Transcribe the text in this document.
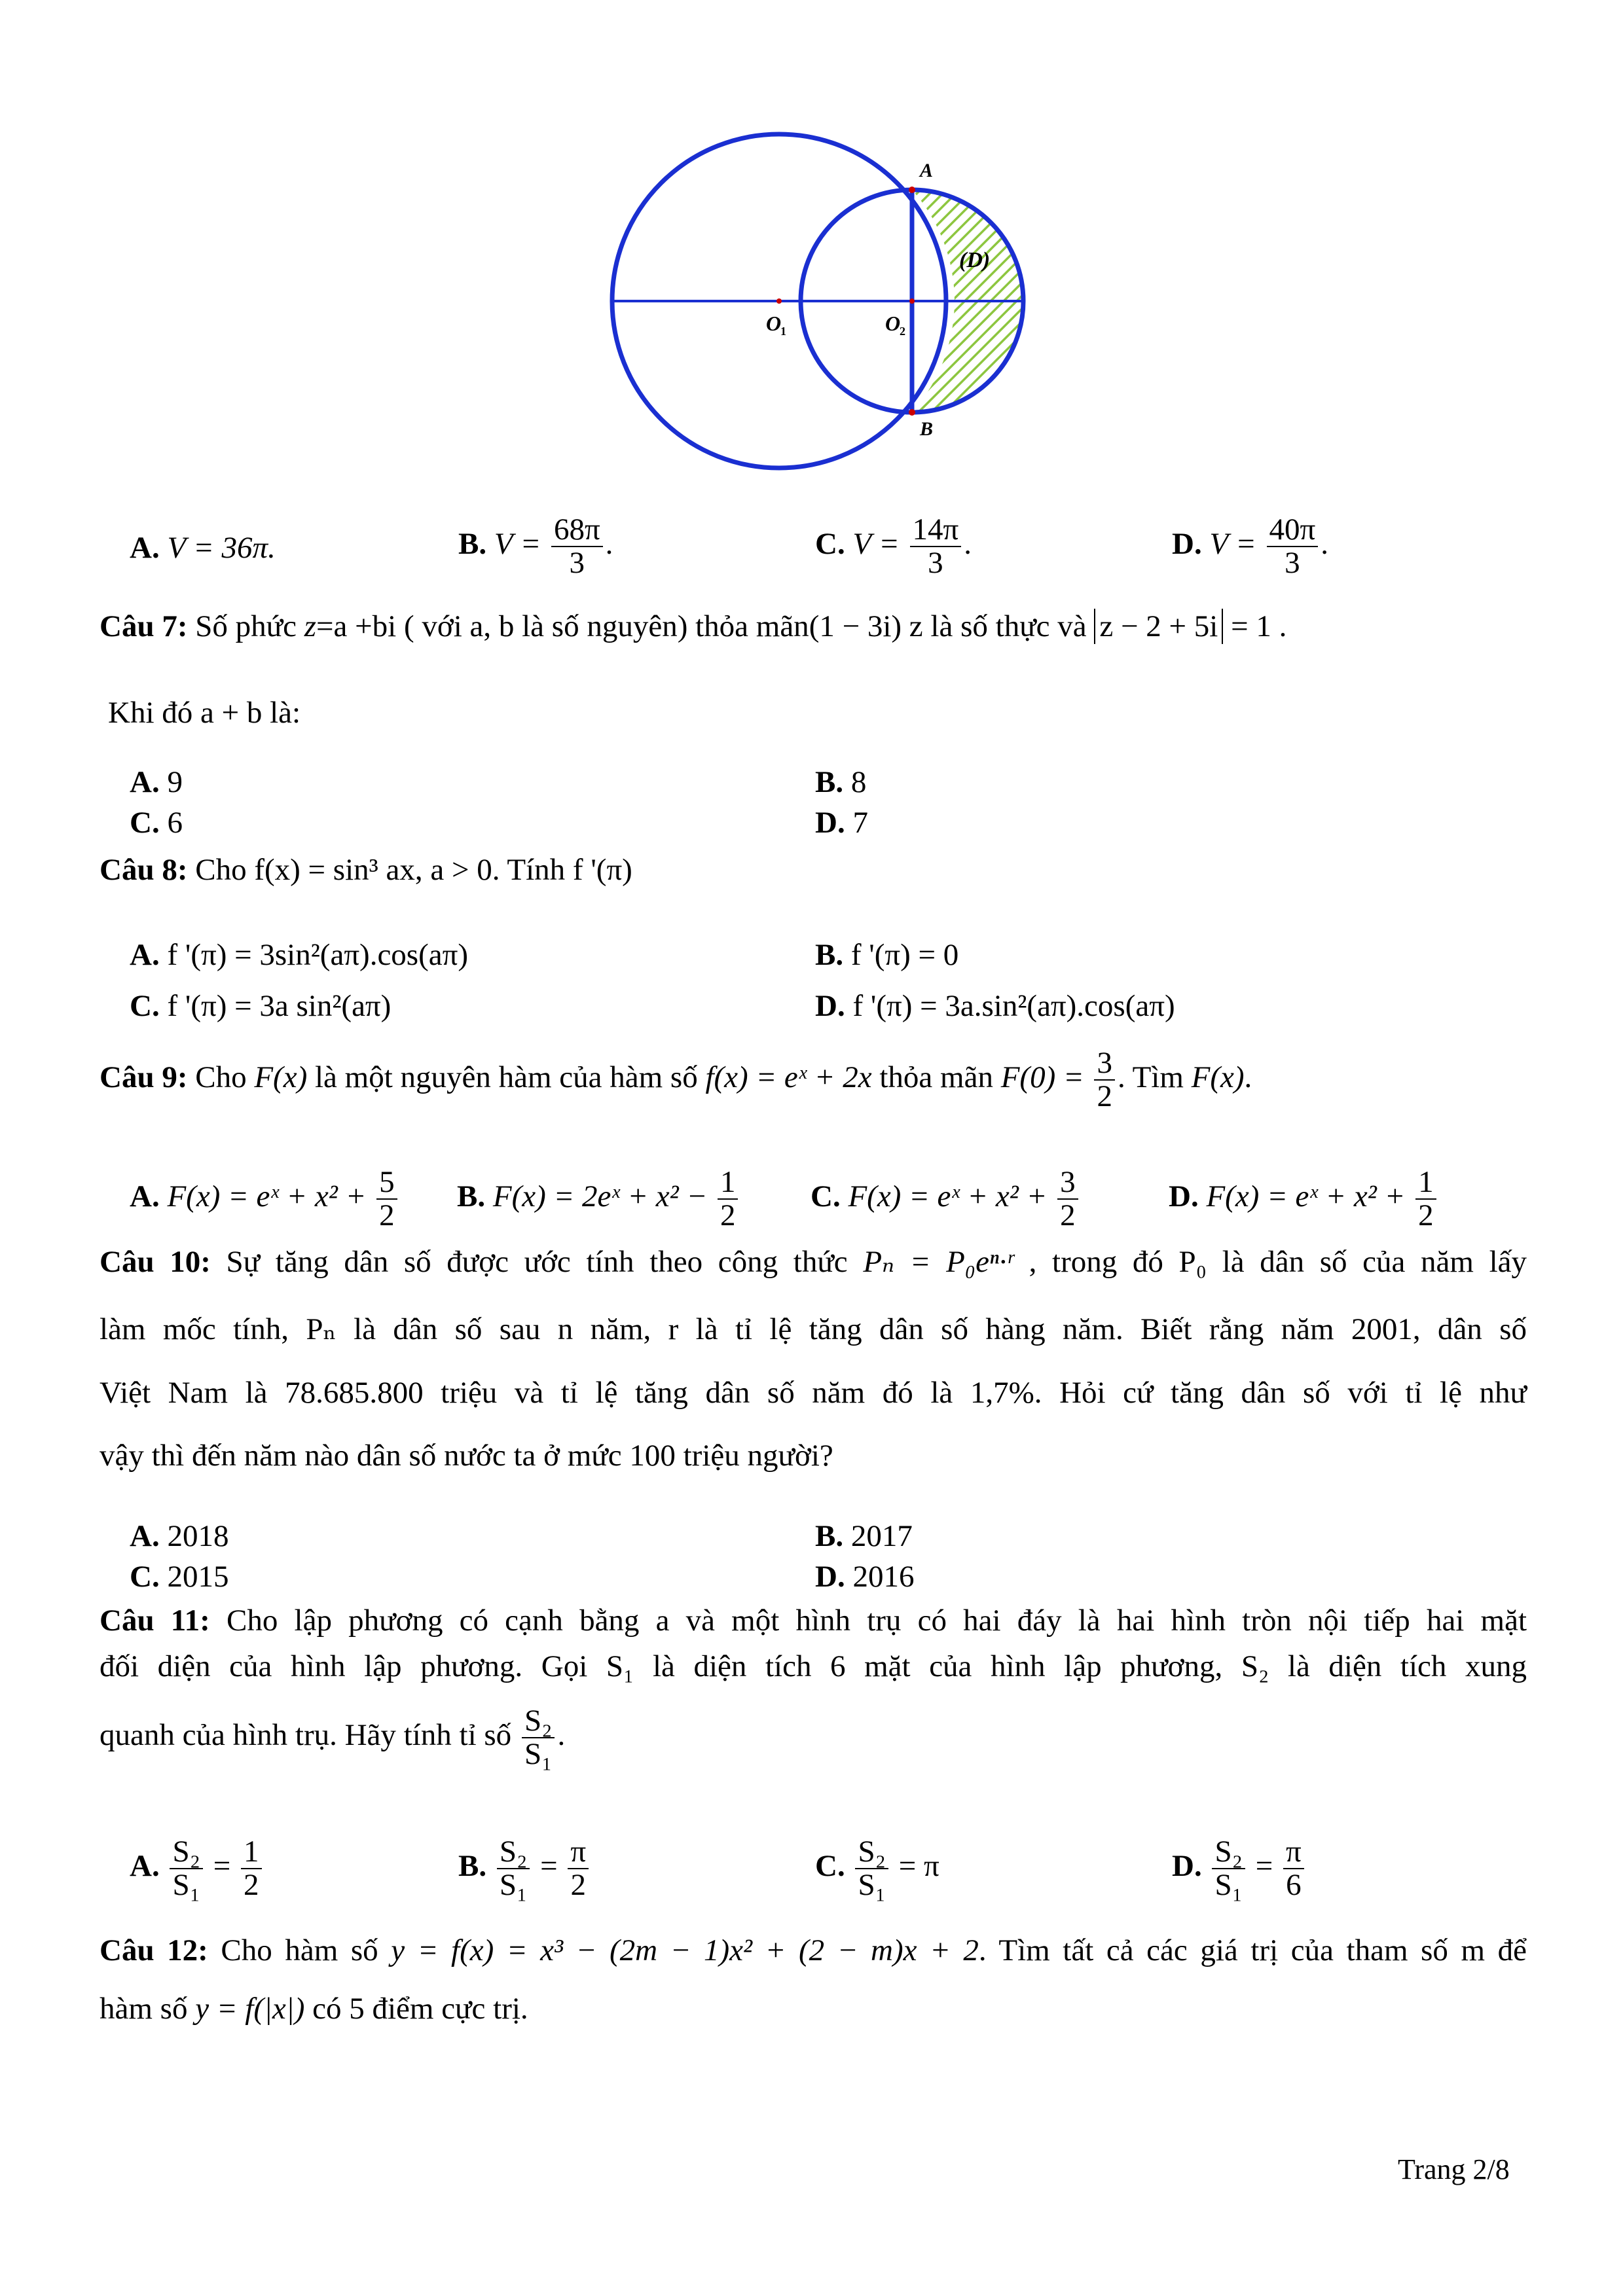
A
B
O
1	O
2
(D)
A. V = 36π.	B. $V = \frac{68\pi}{3}$ .	C. $V = \frac{14\pi}{3}$ .	D. $V = \frac{40\pi}{3}$ .
Câu 7: Số phức z=a +bi ( với a, b là số nguyên) thỏa mãn(1 − 3i) z là số thực và z − 2 + 5i = 1 .
Khi đó a + b là:
A. 9	B. 8
C. 6	D. 7
Câu 8: Cho f(x) = sin³ ax, a > 0. Tính f '(π)
A. f '(π) = 3sin²(aπ).cos(aπ)	B. f '(π) = 0
C. f '(π) = 3a sin²(aπ)	D. f '(π) = 3a.sin²(aπ).cos(aπ)
Câu 9: Cho F(x) là một nguyên hàm của hàm số f(x) = eˣ + 2x thỏa mãn $F(0) = \frac{3}{2}$ . Tìm F(x).
A. F(x) = eˣ + $x^2 + \frac{5}{2} B$. F(x) = 2eˣ + $x^2 - \frac{1}{2} C$. F(x) = eˣ + $x^2 + \frac{3}{2}$	D. F(x) = eˣ + $x^2 + \frac{1}{2}$
Câu 10: Sự tăng dân số được ước tính theo công thức Pₙ = P₀eⁿ·ʳ , trong đó P₀ là dân số của năm lấy
làm mốc tính, Pₙ là dân số sau n năm, r là tỉ lệ tăng dân số hàng năm. Biết rằng năm 2001, dân số
Việt Nam là 78.685.800 triệu và tỉ lệ tăng dân số năm đó là 1,7%. Hỏi cứ tăng dân số với tỉ lệ như
vậy thì đến năm nào dân số nước ta ở mức 100 triệu người?
A. 2018	B. 2017
C. 2015	D. 2016
Câu 11: Cho lập phương có cạnh bằng a và một hình trụ có hai đáy là hai hình tròn nội tiếp hai mặt
đối diện của hình lập phương. Gọi S₁ là diện tích 6 mặt của hình lập phương, S₂ là diện tích xung
quanh của hình trụ. Hãy tính tỉ số $\frac{\text{S₂}}{\text{S₁}}$ .
A. $\frac{\text{S₂}}{\text{S₁}} = \frac{1}{2}$	B. $\frac{\text{S₂}}{\text{S₁}} = \frac{\pi}{2}$	C. $\frac{\text{S₂}}{\text{S₁}} = \pi$	D. $\frac{\text{S₂}}{\text{S₁}} = \frac{\pi}{6}$
Câu 12: Cho hàm số y = f(x) = x³ − (2m − 1)x² + (2 − m)x + 2. Tìm tất cả các giá trị của tham số m để
hàm số y = f(|x|) có 5 điểm cực trị.
Trang 2/8
